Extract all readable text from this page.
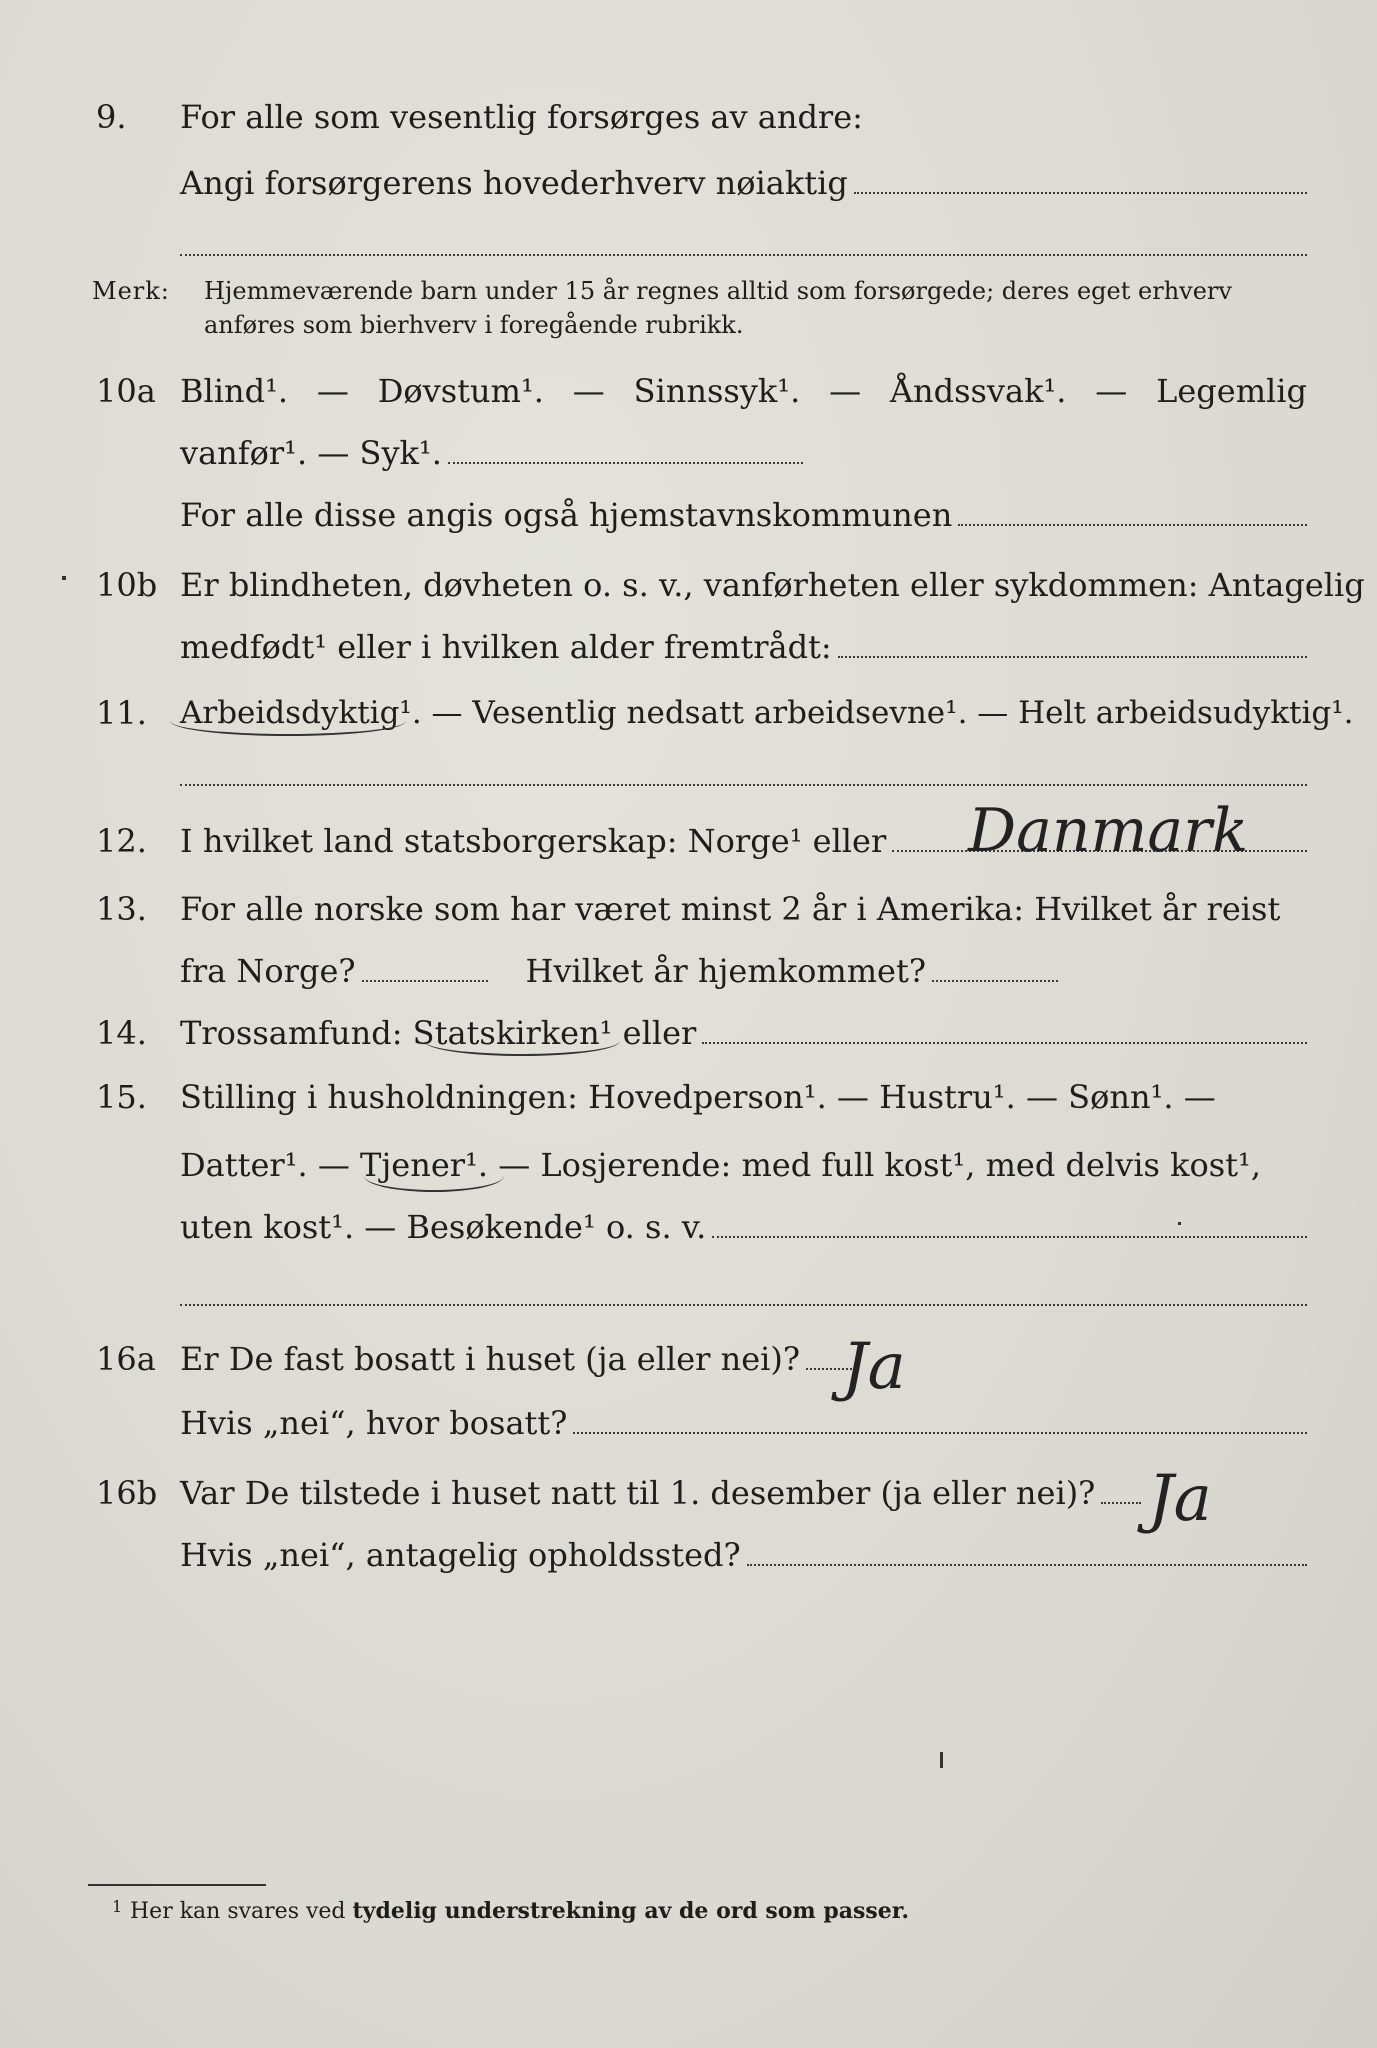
9. For alle som vesentlig forsørges av andre:
Angi forsørgerens hovederhverv nøiaktig
Merk: Hjemmeværende barn under 15 år regnes alltid som forsørgede; deres eget erhverv anføres som bierhverv i foregående rubrikk.
10a Blind¹. — Døvstum¹. — Sinnssyk¹. — Åndssvak¹. — Legemlig
vanfør¹. — Syk¹.
For alle disse angis også hjemstavnskommunen
10b Er blindheten, døvheten o. s. v., vanførheten eller sykdommen: Antagelig
medfødt¹ eller i hvilken alder fremtrådt:
11. Arbeidsdyktig¹. — Vesentlig nedsatt arbeidsevne¹. — Helt arbeidsudyktig¹.
12. I hvilket land statsborgerskap: Norge¹ eller Danmark
13. For alle norske som har været minst 2 år i Amerika: Hvilket år reist
fra Norge?	Hvilket år hjemkommet?
14. Trossamfund: Statskirken¹ eller
15. Stilling i husholdningen: Hovedperson¹. — Hustru¹. — Sønn¹. —
Datter¹. — Tjener¹. — Losjerende: med full kost¹, med delvis kost¹,
uten kost¹. — Besøkende¹ o. s. v.
16a Er De fast bosatt i huset (ja eller nei)? Ja
Hvis „nei“, hvor bosatt?
16b Var De tilstede i huset natt til 1. desember (ja eller nei)? Ja
Hvis „nei“, antagelig opholdssted?
1 Her kan svares ved tydelig understrekning av de ord som passer.
